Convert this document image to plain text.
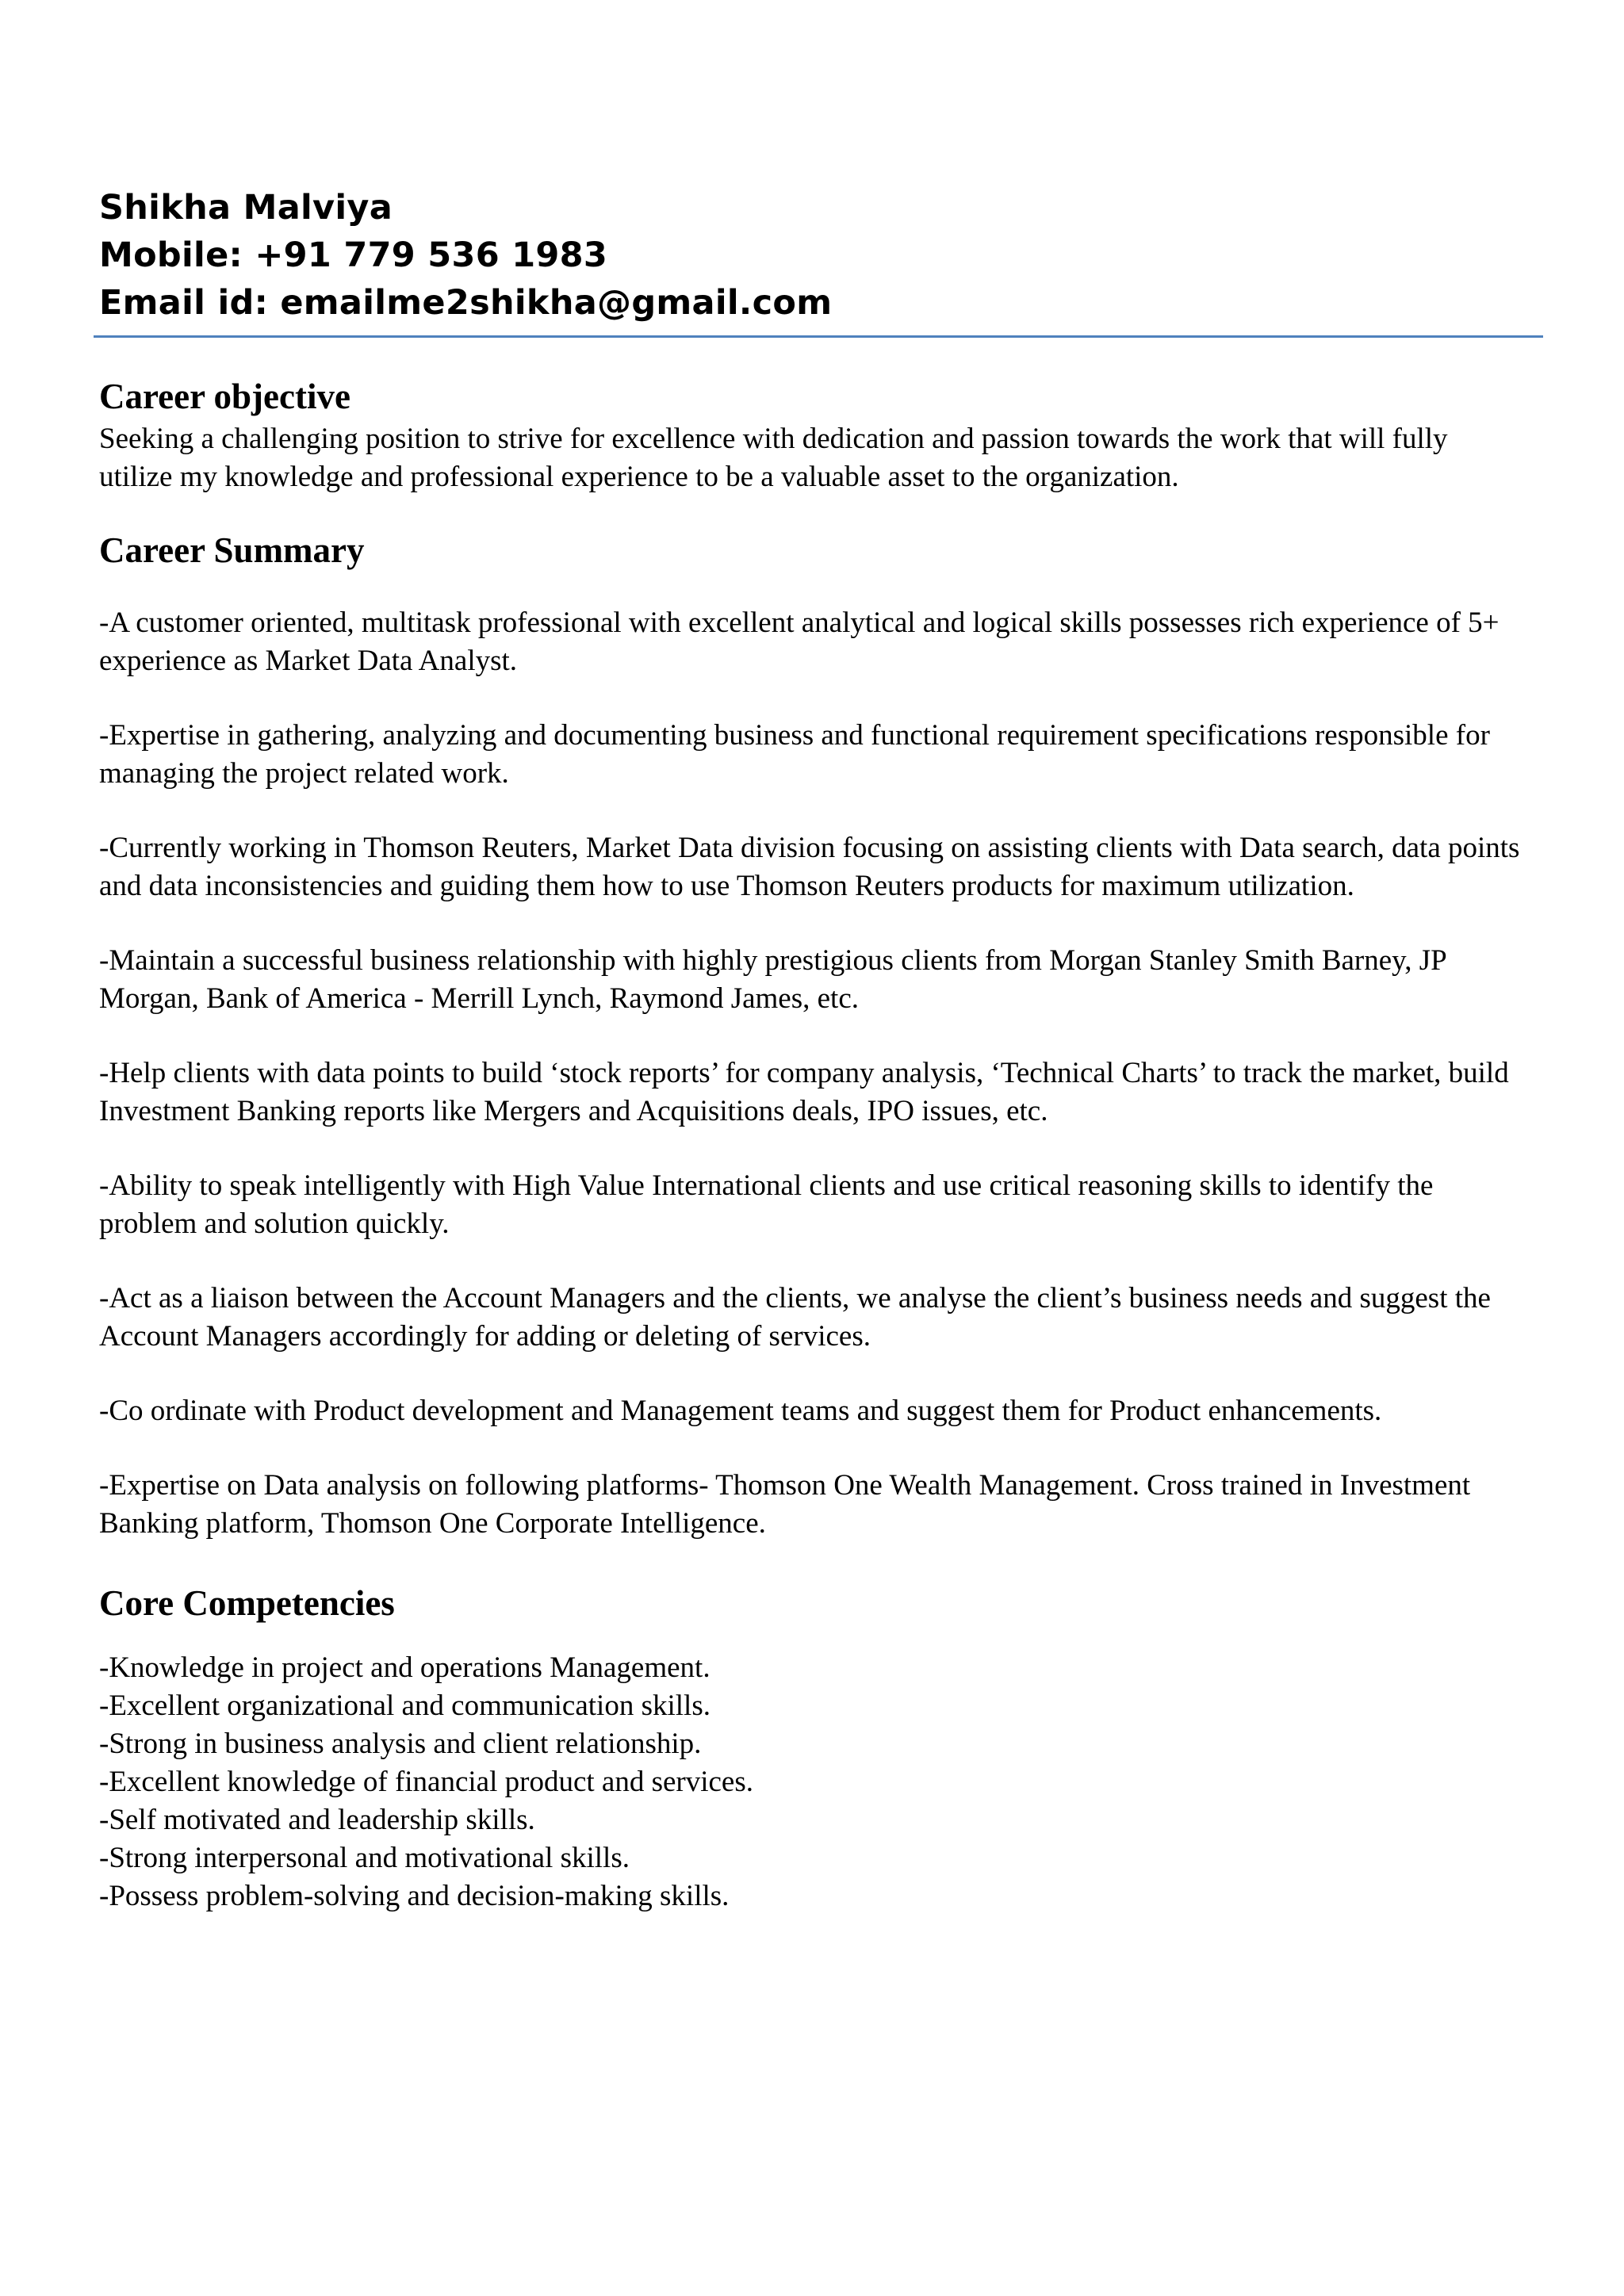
Shikha Malviya
Mobile: +91 779 536 1983
Email id: emailme2shikha@gmail.com
Career objective

Seeking a challenging position to strive for excellence with dedication and passion towards the work that will fully utilize my knowledge and professional experience to be a valuable asset to the organization.

Career Summary
-A customer oriented, multitask professional with excellent analytical and logical skills possesses rich experience of 5+ experience as Market Data Analyst.
-Expertise in gathering, analyzing and documenting business and functional requirement specifications responsible for managing the project related work.
-Currently working in Thomson Reuters, Market Data division focusing on assisting clients with Data search, data points and data inconsistencies and guiding them how to use Thomson Reuters products for maximum utilization.
-Maintain a successful business relationship with highly prestigious clients from Morgan Stanley Smith Barney, JP Morgan, Bank of America - Merrill Lynch, Raymond James, etc.
-Help clients with data points to build ‘stock reports’ for company analysis, ‘Technical Charts’ to track the market, build Investment Banking reports like Mergers and Acquisitions deals, IPO issues, etc.
-Ability to speak intelligently with High Value International clients and use critical reasoning skills to identify the problem and solution quickly.
-Act as a liaison between the Account Managers and the clients, we analyse the client’s business needs and suggest the Account Managers accordingly for adding or deleting of services.
-Co ordinate with Product development and Management teams and suggest them for Product enhancements.
-Expertise on Data analysis on following platforms- Thomson One Wealth Management. Cross trained in Investment Banking platform, Thomson One Corporate Intelligence.
Core Competencies
-Knowledge in project and operations Management.
-Excellent organizational and communication skills.
-Strong in business analysis and client relationship.
-Excellent knowledge of financial product and services.
-Self motivated and leadership skills.
-Strong interpersonal and motivational skills.
-Possess problem-solving and decision-making skills.
